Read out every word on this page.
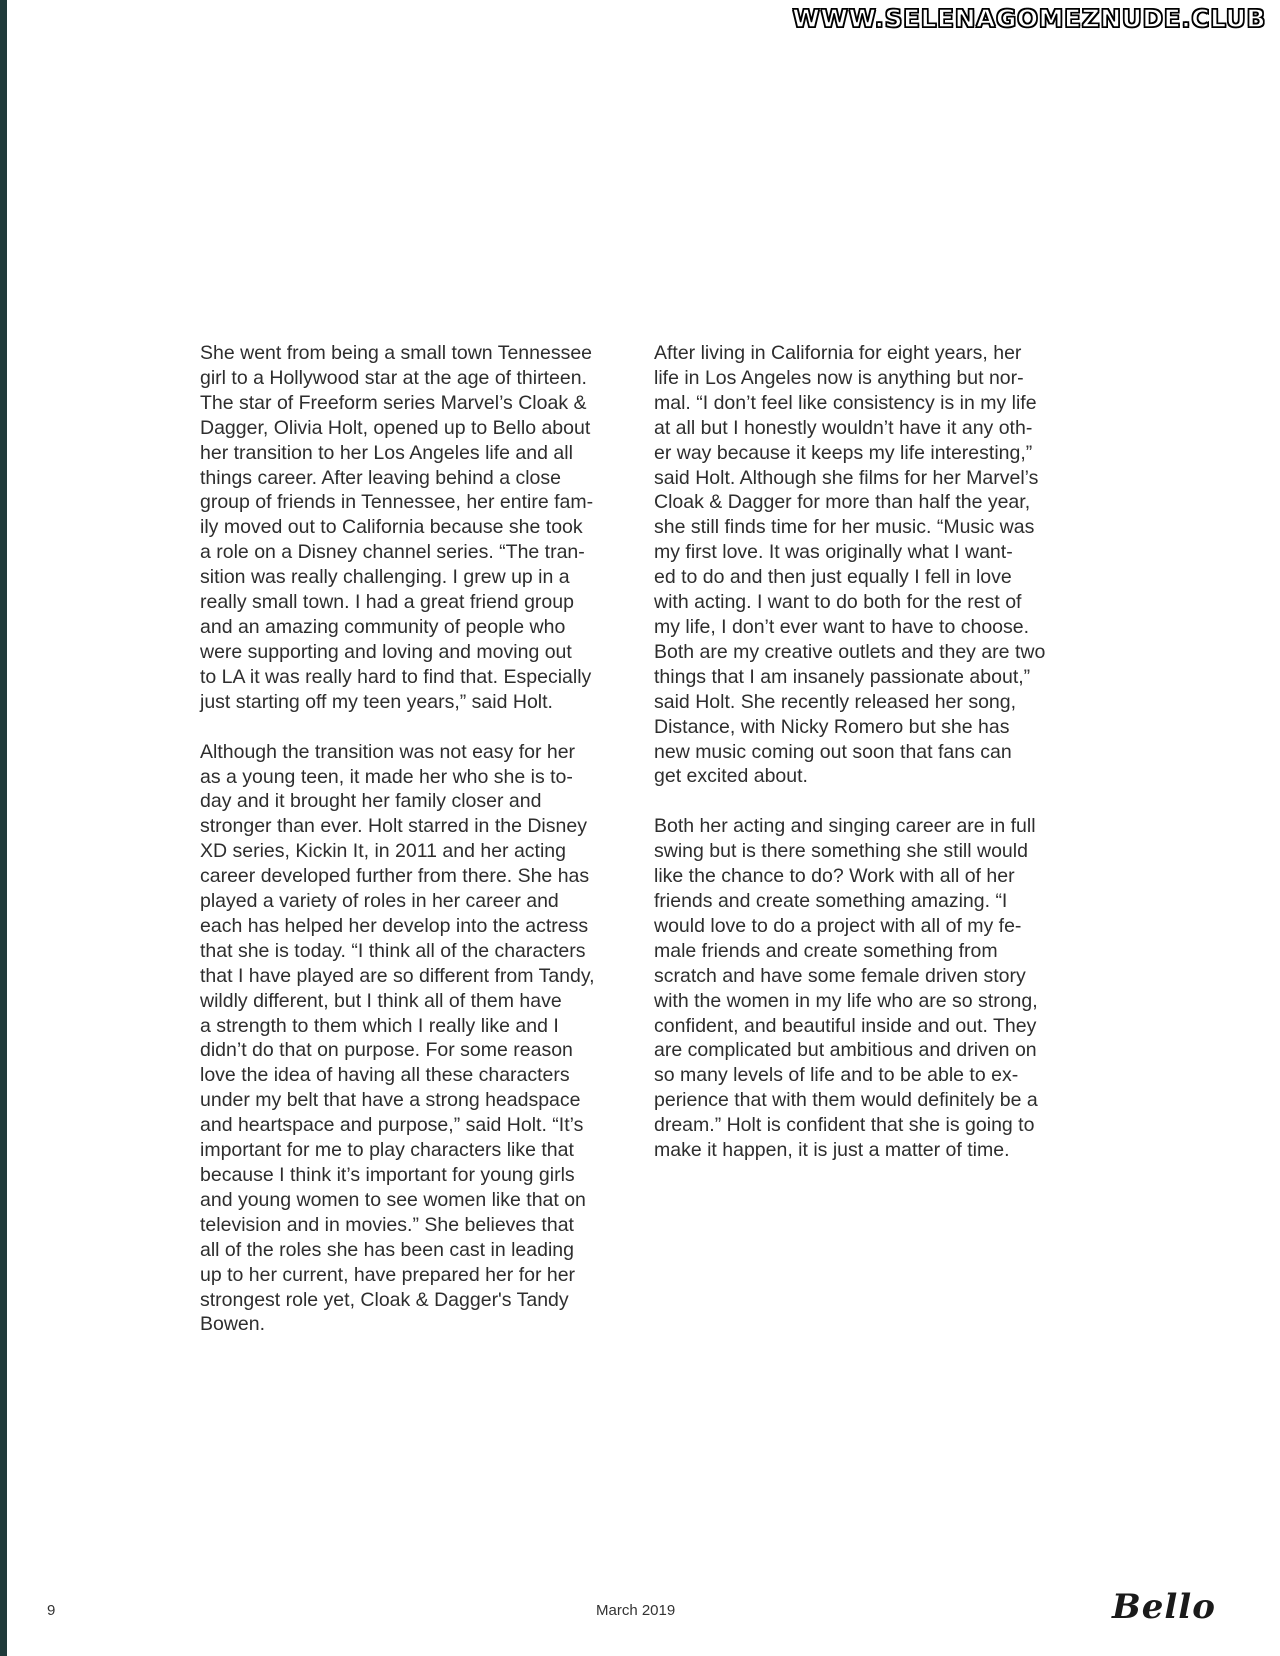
WWW.SELENAGOMEZNUDE.CLUB
She went from being a small town Tennessee
girl to a Hollywood star at the age of thirteen.
The star of Freeform series Marvel’s Cloak &
Dagger, Olivia Holt, opened up to Bello about
her transition to her Los Angeles life and all
things career. After leaving behind a close
group of friends in Tennessee, her entire fam-
ily moved out to California because she took
a role on a Disney channel series. “The tran-
sition was really challenging. I grew up in a
really small town. I had a great friend group
and an amazing community of people who
were supporting and loving and moving out
to LA it was really hard to find that. Especially
just starting off my teen years,” said Holt.
Although the transition was not easy for her
as a young teen, it made her who she is to-
day and it brought her family closer and
stronger than ever. Holt starred in the Disney
XD series, Kickin It, in 2011 and her acting
career developed further from there. She has
played a variety of roles in her career and
each has helped her develop into the actress
that she is today. “I think all of the characters
that I have played are so different from Tandy,
wildly different, but I think all of them have
a strength to them which I really like and I
didn’t do that on purpose. For some reason
love the idea of having all these characters
under my belt that have a strong headspace
and heartspace and purpose,” said Holt. “It’s
important for me to play characters like that
because I think it’s important for young girls
and young women to see women like that on
television and in movies.” She believes that
all of the roles she has been cast in leading
up to her current, have prepared her for her
strongest role yet, Cloak & Dagger's Tandy
Bowen.
After living in California for eight years, her
life in Los Angeles now is anything but nor-
mal. “I don’t feel like consistency is in my life
at all but I honestly wouldn’t have it any oth-
er way because it keeps my life interesting,”
said Holt. Although she films for her Marvel’s
Cloak & Dagger for more than half the year,
she still finds time for her music. “Music was
my first love. It was originally what I want-
ed to do and then just equally I fell in love
with acting. I want to do both for the rest of
my life, I don’t ever want to have to choose.
Both are my creative outlets and they are two
things that I am insanely passionate about,”
said Holt. She recently released her song,
Distance, with Nicky Romero but she has
new music coming out soon that fans can
get excited about.
Both her acting and singing career are in full
swing but is there something she still would
like the chance to do? Work with all of her
friends and create something amazing. “I
would love to do a project with all of my fe-
male friends and create something from
scratch and have some female driven story
with the women in my life who are so strong,
confident, and beautiful inside and out. They
are complicated but ambitious and driven on
so many levels of life and to be able to ex-
perience that with them would definitely be a
dream.” Holt is confident that she is going to
make it happen, it is just a matter of time.
9	March 2019	Bello
